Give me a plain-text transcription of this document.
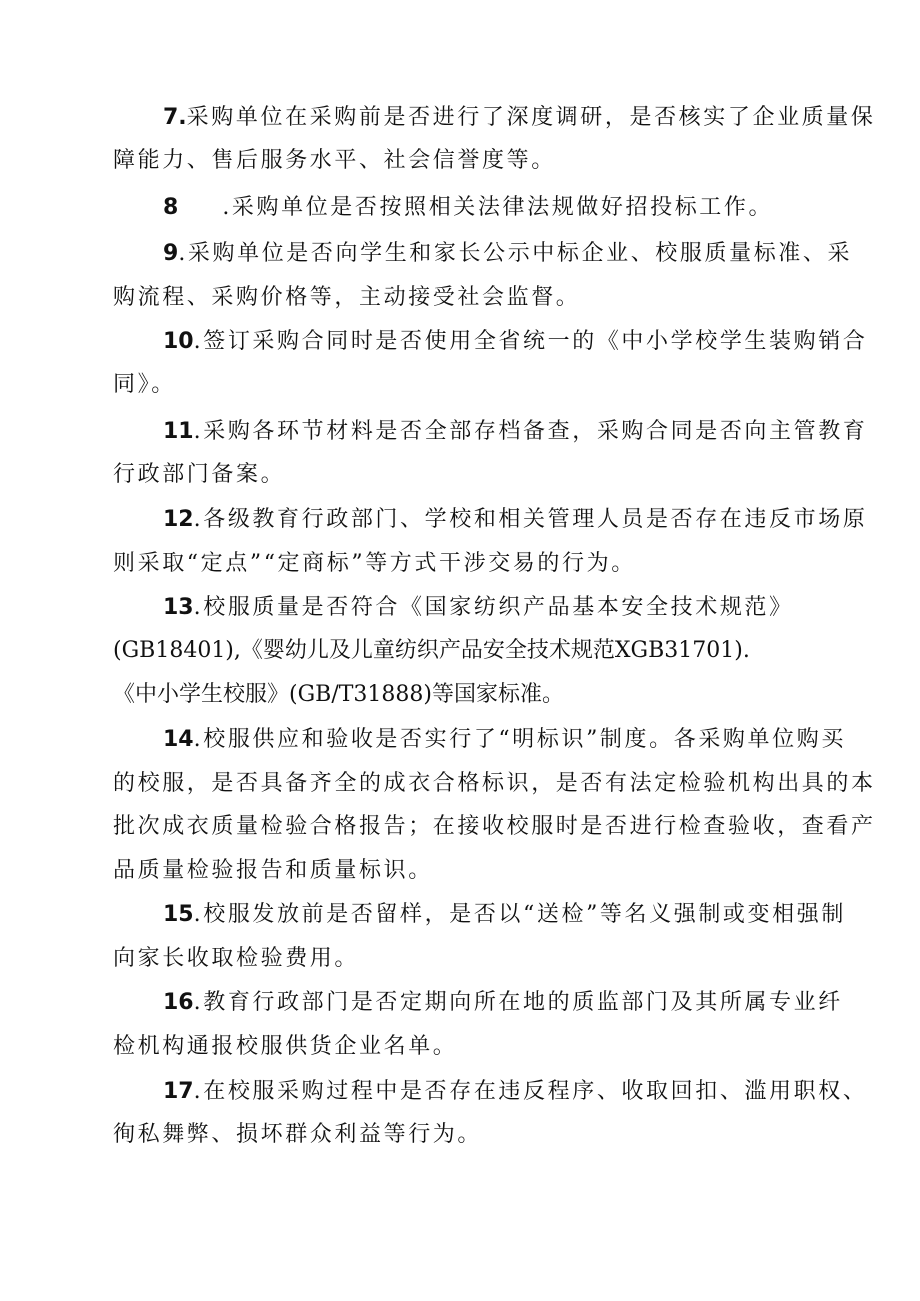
7.采购单位在采购前是否进行了深度调研，是否核实了企业质量保

障能力、售后服务水平、社会信誉度等。

8 .采购单位是否按照相关法律法规做好招投标工作。

9.采购单位是否向学生和家长公示中标企业、校服质量标准、采

购流程、采购价格等，主动接受社会监督。

10.签订采购合同时是否使用全省统一的《中小学校学生装购销合

同》。

11.采购各环节材料是否全部存档备查，采购合同是否向主管教育

行政部门备案。

12.各级教育行政部门、学校和相关管理人员是否存在违反市场原

则采取“定点”“定商标”等方式干涉交易的行为。

13.校服质量是否符合《国家纺织产品基本安全技术规范》

(GB18401),《婴幼儿及儿童纺织产品安全技术规范XGB31701).

《中小学生校服》(GB/T31888)等国家标准。

14.校服供应和验收是否实行了“明标识”制度。各采购单位购买

的校服，是否具备齐全的成衣合格标识，是否有法定检验机构出具的本

批次成衣质量检验合格报告；在接收校服时是否进行检查验收，查看产

品质量检验报告和质量标识。

15.校服发放前是否留样，是否以“送检”等名义强制或变相强制

向家长收取检验费用。

16.教育行政部门是否定期向所在地的质监部门及其所属专业纤

检机构通报校服供货企业名单。

17.在校服采购过程中是否存在违反程序、收取回扣、滥用职权、

徇私舞弊、损坏群众利益等行为。
